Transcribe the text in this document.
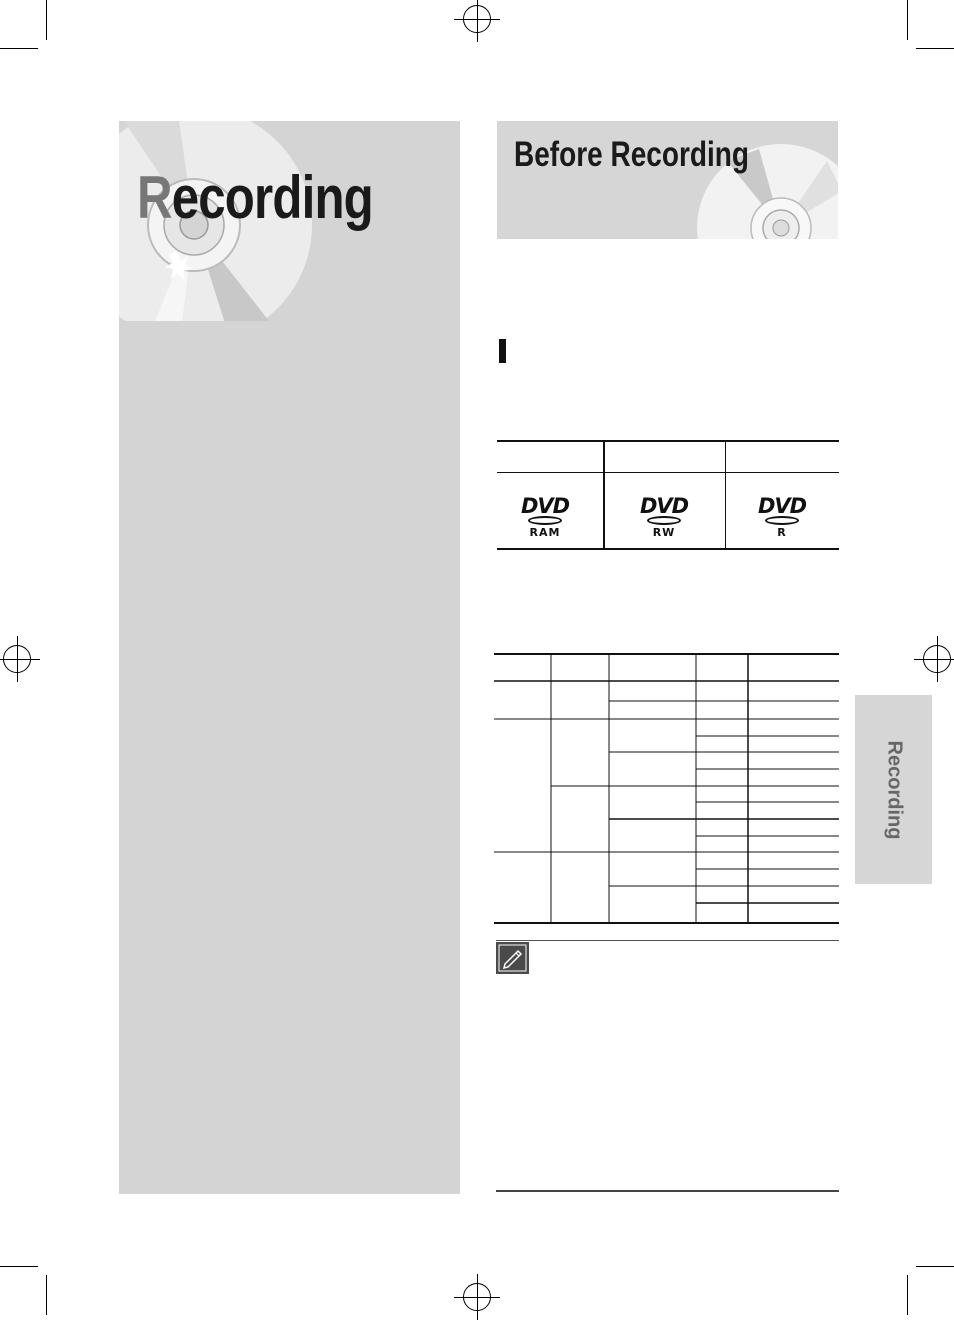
Recording
Before Recording
DVD
RAM
DVD
RW
DVD
R
Recording
